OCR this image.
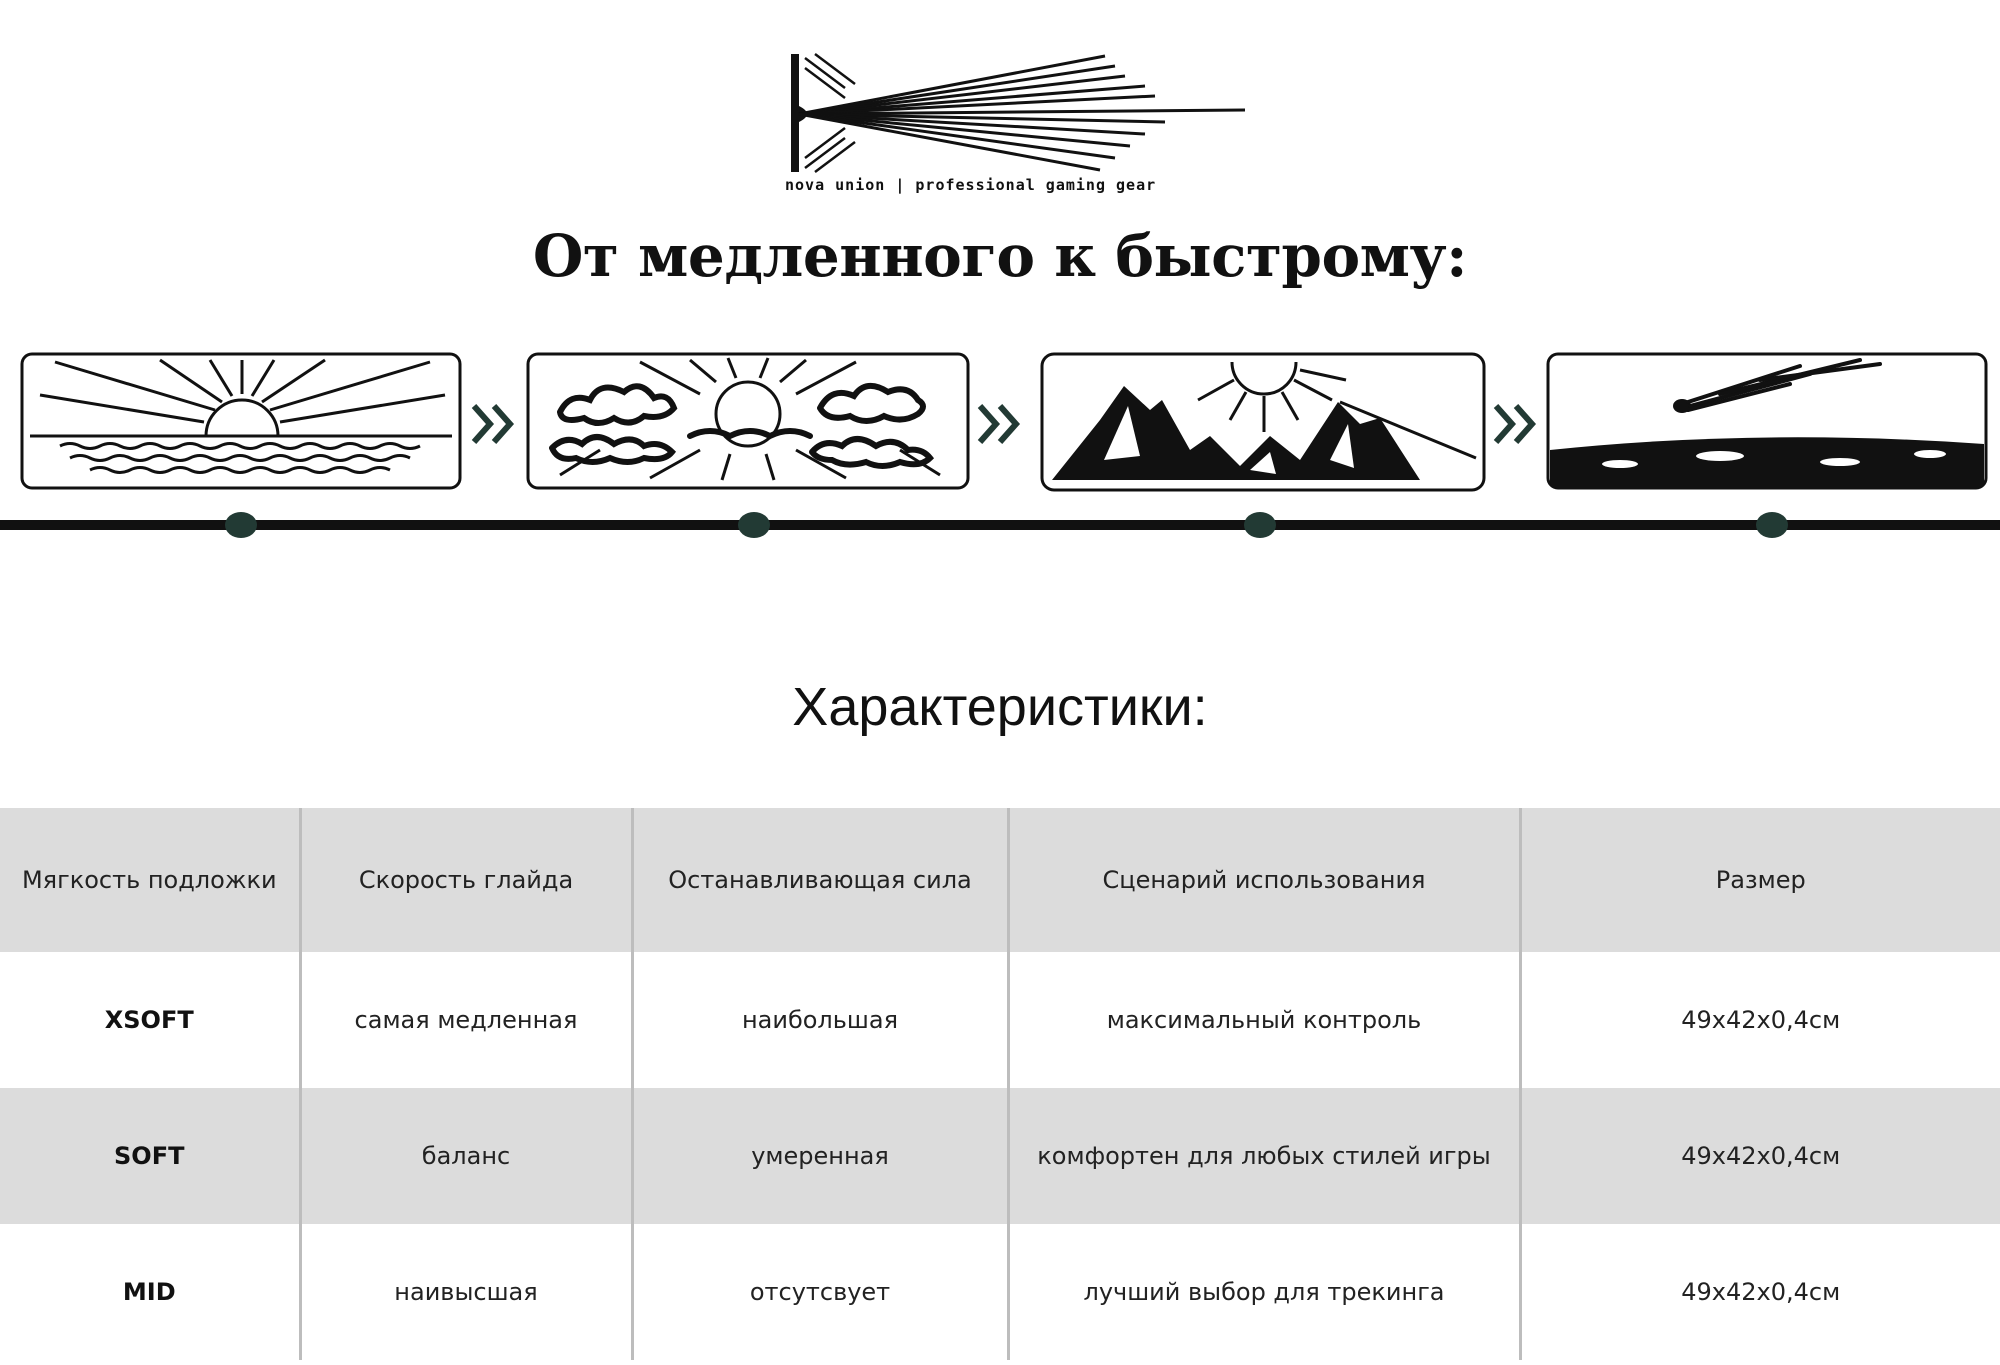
nova union | professional gaming gear
От медленного к быстрому:
Характеристики:
Мягкость подложки	Скорость глайда	Останавливающая сила	Сценарий использования	Размер
XSOFT	самая медленная	наибольшая	максимальный контроль	49x42x0,4см
SOFT	баланс	умеренная	комфортен для любых стилей игры	49x42x0,4см
MID	наивысшая	отсутсвует	лучший выбор для трекинга	49x42x0,4см
